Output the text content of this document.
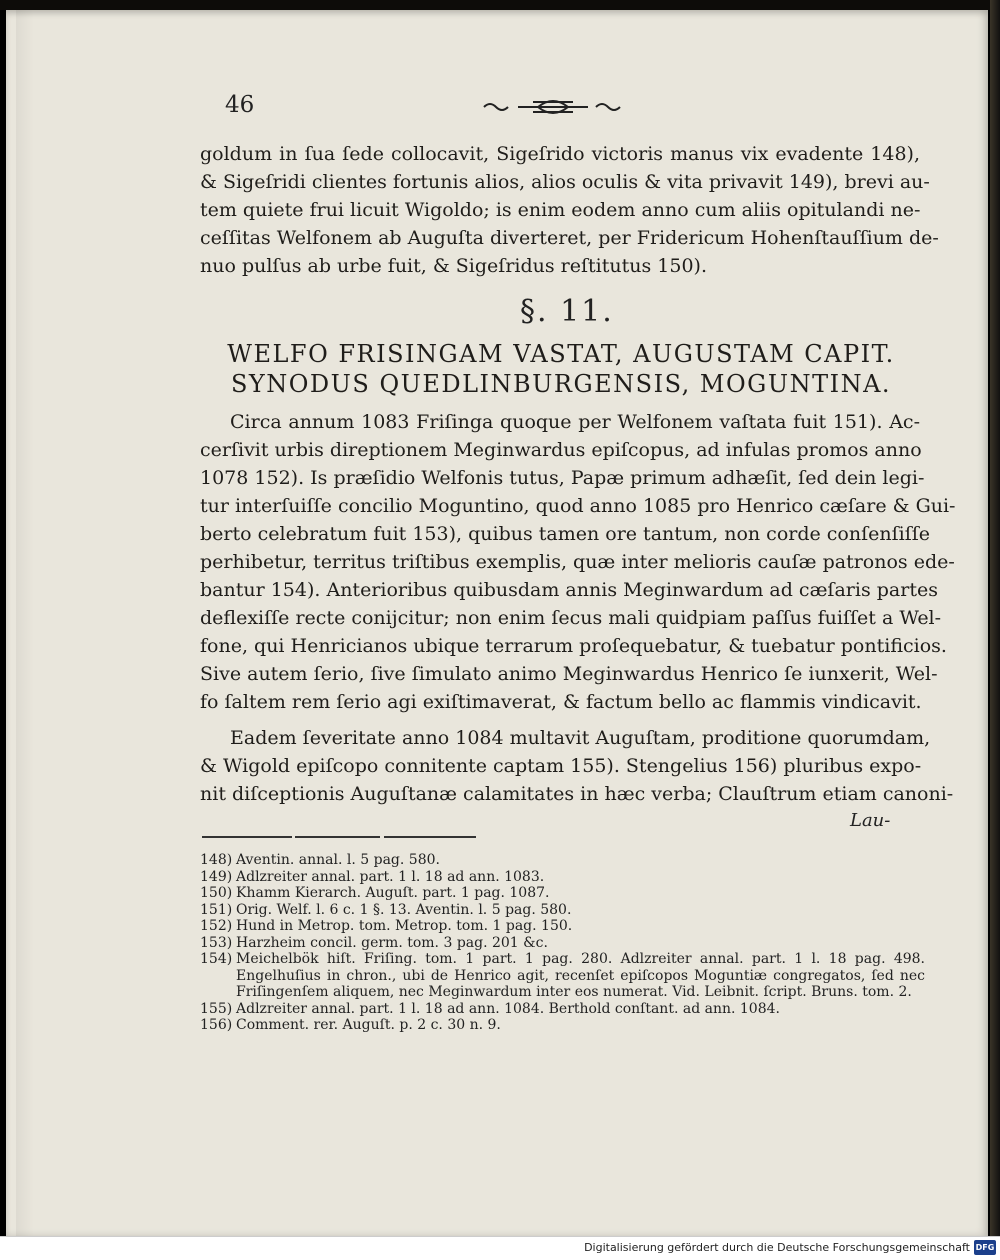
46

goldum in ſua ſede collocavit, Sigeſrido victoris manus vix evadente 148),
& Sigeſridi clientes fortunis alios, alios oculis & vita privavit 149), brevi au-
tem quiete frui licuit Wigoldo; is enim eodem anno cum aliis opitulandi ne-
ceſſitas Welfonem ab Auguſta diverteret, per Fridericum Hohenſtauſſium de-
nuo pulſus ab urbe fuit, & Sigeſridus reſtitutus 150).

§. 11.
WELFO FRISINGAM VASTAT, AUGUSTAM CAPIT.
SYNODUS QUEDLINBURGENSIS, MOGUNTINA.

Circa annum 1083 Friſinga quoque per Welfonem vaſtata fuit 151). Ac-
cerſivit urbis direptionem Meginwardus epiſcopus, ad infulas promos anno
1078 152). Is præſidio Welfonis tutus, Papæ primum adhæſit, ſed dein legi-
tur interſuiſſe concilio Moguntino, quod anno 1085 pro Henrico cæſare & Gui-
berto celebratum fuit 153), quibus tamen ore tantum, non corde conſenſiſſe
perhibetur, territus triſtibus exemplis, quæ inter melioris cauſæ patronos ede-
bantur 154). Anterioribus quibusdam annis Meginwardum ad cæſaris partes
deflexiſſe recte conijcitur; non enim ſecus mali quidpiam paſſus fuiſſet a Wel-
fone, qui Henricianos ubique terrarum proſequebatur, & tuebatur pontificios.
Sive autem ſerio, ſive ſimulato animo Meginwardus Henrico ſe iunxerit, Wel-
fo ſaltem rem ſerio agi exiſtimaverat, & factum bello ac flammis vindicavit.

Eadem ſeveritate anno 1084 multavit Auguſtam, proditione quorumdam,
& Wigold epiſcopo connitente captam 155). Stengelius 156) pluribus expo-
nit diſceptionis Auguſtanæ calamitates in hæc verba; Clauſtrum etiam canoni-

Lau-
148) Aventin. annal. l. 5 pag. 580.
149) Adlzreiter annal. part. 1 l. 18 ad ann. 1083.
150) Khamm Kierarch. Auguſt. part. 1 pag. 1087.
151) Orig. Welf. l. 6 c. 1 §. 13. Aventin. l. 5 pag. 580.
152) Hund in Metrop. tom. Metrop. tom. 1 pag. 150.
153) Harzheim concil. germ. tom. 3 pag. 201 &c.
154) Meichelbök hiſt. Friſing. tom. 1 part. 1 pag. 280. Adlzreiter annal. part. 1 l. 18 pag. 498. Engelhuſius in chron., ubi de Henrico agit, recenſet epiſcopos Moguntiæ congregatos, ſed nec Friſingenſem aliquem, nec Meginwardum inter eos numerat. Vid. Leibnit. ſcript. Bruns. tom. 2.
155) Adlzreiter annal. part. 1 l. 18 ad ann. 1084. Berthold conſtant. ad ann. 1084.
156) Comment. rer. Auguſt. p. 2 c. 30 n. 9.
Digitalisierung gefördert durch die Deutsche Forschungsgemeinschaft DFG
